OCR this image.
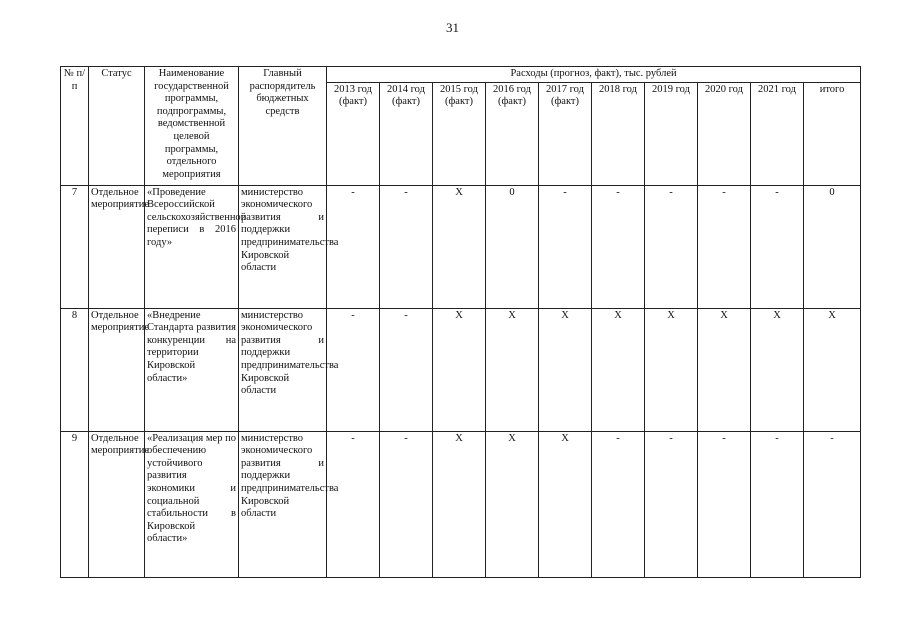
31
№ п/п	Статус	Наименование государственной программы, подпрограммы, ведомственной целевой программы, отдельного мероприятия	Главный распорядитель бюджетных средств	Расходы (прогноз, факт), тыс. рублей									
				2013 год (факт)	2014 год (факт)	2015 год (факт)	2016 год (факт)	2017 год (факт)	2018 год	2019 год	2020 год	2021 год	итого
7	Отдельное мероприятие	«Проведение Всероссийской сельскохозяйственной переписи в 2016 году»	министерство экономического развития и поддержки предпринимательства Кировской области	-	-	X	0	-	-	-	-	-	0
8	Отдельное мероприятие	«Внедрение Стандарта развития конкуренции на территории Кировской области»	министерство экономического развития и поддержки предпринимательства Кировской области	-	-	X	X	X	X	X	X	X	X
9	Отдельное мероприятие	«Реализация мер по обеспечению устойчивого развития экономики и социальной стабильности в Кировской области»	министерство экономического развития и поддержки предпринимательства Кировской области	-	-	X	X	X	-	-	-	-	-
